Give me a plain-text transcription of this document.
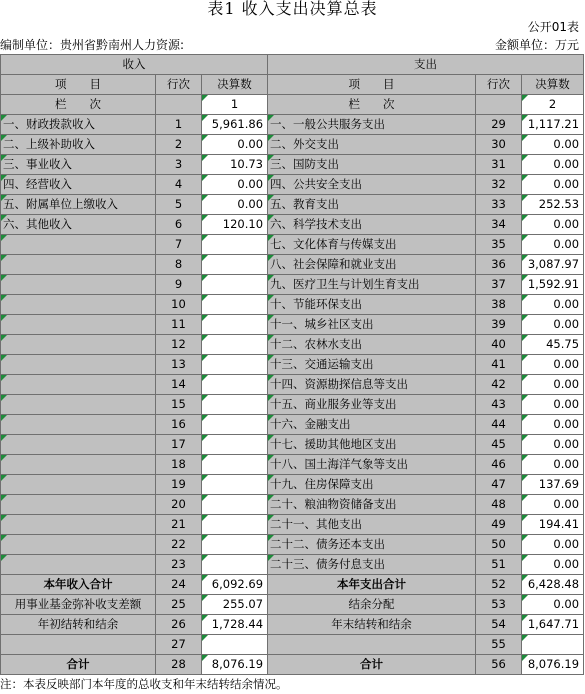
表1 收入支出决算总表
公开01表
编制单位：贵州省黔南州人力资源:	金额单位：万元
收入			支出		
项　　目	行次	决算数	项　　目	行次	决算数
栏　　次		1	栏　　次		2
一、财政拨款收入	1	5,961.86	一、一般公共服务支出	29	1,117.21
二、上级补助收入	2	0.00	二、外交支出	30	0.00
三、事业收入	3	10.73	三、国防支出	31	0.00
四、经营收入	4	0.00	四、公共安全支出	32	0.00
五、附属单位上缴收入	5	0.00	五、教育支出	33	252.53
六、其他收入	6	120.10	六、科学技术支出	34	0.00
	7		七、文化体育与传媒支出	35	0.00
	8		八、社会保障和就业支出	36	3,087.97
	9		九、医疗卫生与计划生育支出	37	1,592.91
	10		十、节能环保支出	38	0.00
	11		十一、城乡社区支出	39	0.00
	12		十二、农林水支出	40	45.75
	13		十三、交通运输支出	41	0.00
	14		十四、资源勘探信息等支出	42	0.00
	15		十五、商业服务业等支出	43	0.00
	16		十六、金融支出	44	0.00
	17		十七、援助其他地区支出	45	0.00
	18		十八、国土海洋气象等支出	46	0.00
	19		十九、住房保障支出	47	137.69
	20		二十、粮油物资储备支出	48	0.00
	21		二十一、其他支出	49	194.41
	22		二十二、债务还本支出	50	0.00
	23		二十三、债务付息支出	51	0.00
本年收入合计	24	6,092.69	本年支出合计	52	6,428.48
用事业基金弥补收支差额	25	255.07	结余分配	53	0.00
年初结转和结余	26	1,728.44	年末结转和结余	54	1,647.71
	27			55	
合计	28	8,076.19	合计	56	8,076.19
注：本表反映部门本年度的总收支和年末结转结余情况。
